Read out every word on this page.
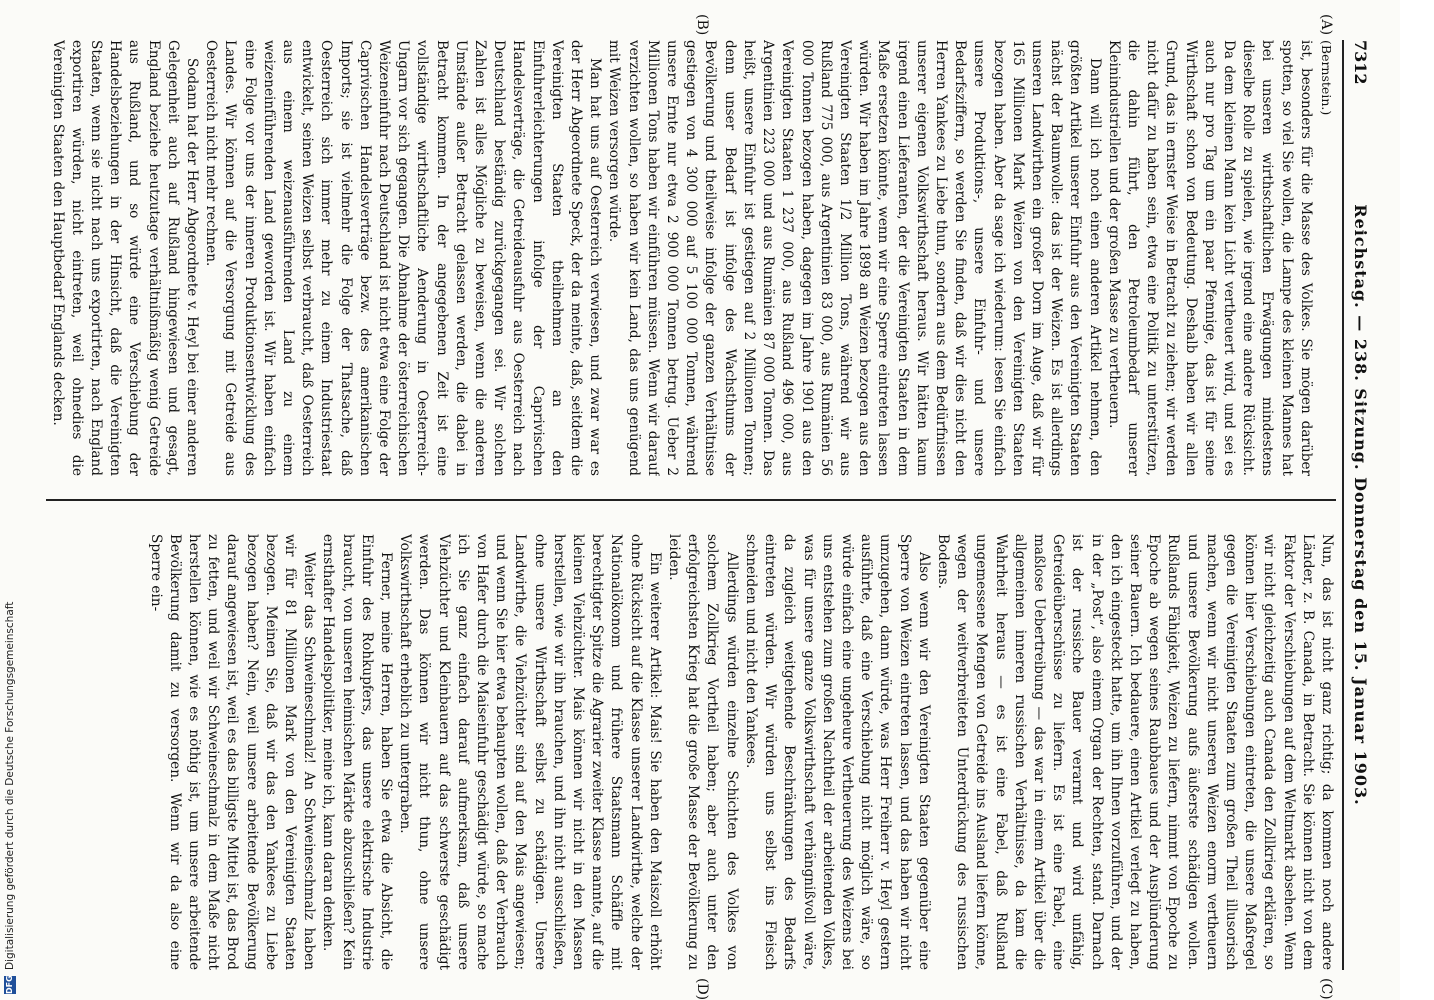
7312
Reichstag. — 238. Sitzung. Donnerstag den 15. Januar 1903.
(A)
(B)
(C)
(D)

(Bernstein.)

ist, besonders für die Masse des Volkes. Sie mögen darüber spotten, so viel Sie wollen, die Lampe des kleinen Mannes hat bei unseren wirthschaftlichen Erwägungen mindestens dieselbe Rolle zu spielen, wie irgend eine andere Rücksicht. Da dem kleinen Mann kein Licht vertheuert wird, und sei es auch nur pro Tag um ein paar Pfennige, das ist für seine Wirthschaft schon von Bedeutung. Deshalb haben wir allen Grund, das in ernster Weise in Betracht zu ziehen; wir werden nicht dafür zu haben sein, etwa eine Politik zu unterstützen, die dahin führt, den Petroleumbedarf unserer Kleinindustriellen und der großen Masse zu vertheuern.

Dann will ich noch einen anderen Artikel nehmen, den größten Artikel unserer Einfuhr aus den Vereinigten Staaten nächst der Baumwolle: das ist der Weizen. Es ist allerdings unseren Landwirthen ein großer Dorn im Auge, daß wir für 165 Millionen Mark Weizen von den Vereinigten Staaten bezogen haben. Aber da sage ich wiederum: lesen Sie einfach unsere Produktions-, unsere Einfuhr- und unsere Bedarfsziffern, so werden Sie finden, daß wir dies nicht den Herren Yankees zu Liebe thun, sondern aus dem Bedürfnissen unserer eigenen Volkswirthschaft heraus. Wir hätten kaum irgend einen Lieferanten, der die Vereinigten Staaten in dem Maße ersetzen könnte, wenn wir eine Sperre eintreten lassen würden. Wir haben im Jahre 1898 an Weizen bezogen aus den Vereinigten Staaten 1/2 Million Tons, während wir aus Rußland 775 000, aus Argentinien 83 000, aus Rumänien 56 000 Tonnen bezogen haben, dagegen im Jahre 1901 aus den Vereinigten Staaten 1 237 000, aus Rußland 496 000, aus Argentinien 223 000 und aus Rumänien 87 000 Tonnen. Das heißt, unsere Einfuhr ist gestiegen auf 2 Millionen Tonnen; denn unser Bedarf ist infolge des Wachsthums der Bevölkerung und theilweise infolge der ganzen Verhältnisse gestiegen von 4 300 000 auf 5 100 000 Tonnen, während unsere Ernte nur etwa 2 900 000 Tonnen betrug. Ueber 2 Millionen Tons haben wir einführen müssen. Wenn wir darauf verzichten wollen, so haben wir kein Land, das uns genügend mit Weizen versorgen würde.

Man hat uns auf Oesterreich verwiesen, und zwar war es der Herr Abgeordnete Speck, der da meinte, daß, seitdem die Vereinigten Staaten theilnehmen an den Einfuhrerleichterungen infolge der Caprivischen Handelsverträge, die Getreideausfuhr aus Oesterreich nach Deutschland beständig zurückgegangen sei. Wir solchen Zahlen ist alles Mögliche zu beweisen, wenn die anderen Umstände außer Betracht gelassen werden, die dabei in Betracht kommen. In der angegebenen Zeit ist eine vollständige wirthschaftliche Aenderung in Oesterreich-Ungarn vor sich gegangen. Die Abnahme der österreichischen Weizeneinfuhr nach Deutschland ist nicht etwa eine Folge der Caprivischen Handelsverträge bezw. des amerikanischen Imports; sie ist vielmehr die Folge der Thatsache, daß Oesterreich sich immer mehr zu einem Industriestaat entwickelt, seinen Weizen selbst verbraucht, daß Oesterreich aus einem weizenausführenden Land zu einem weizeneinführenden Land geworden ist. Wir haben einfach eine Folge vor uns der inneren Produktionsentwicklung des Landes. Wir können auf die Versorgung mit Getreide aus Oesterreich nicht mehr rechnen.

Sodann hat der Herr Abgeordnete v. Heyl bei einer anderen Gelegenheit auch auf Rußland hingewiesen und gesagt, England beziehe heutzutage verhältnißmäßig wenig Getreide aus Rußland, und so würde eine Verschiebung der Handelsbeziehungen in der Hinsicht, daß die Vereinigten Staaten, wenn sie nicht nach uns exportirten, nach England exportiren würden, nicht eintreten, weil ohnedies die Vereinigten Staaten den Hauptbedarf Englands decken.

Nun, das ist nicht ganz richtig; da kommen noch andere Länder, z. B. Canada, in Betracht. Sie können nicht von dem Faktor der Verschiebungen auf dem Weltmarkt absehen. Wenn wir nicht gleichzeitig auch Canada den Zollkrieg erklären, so können hier Verschiebungen eintreten, die unsere Maßregel gegen die Vereinigten Staaten zum großen Theil illusorisch machen, wenn wir nicht unseren Weizen enorm vertheuern und unsere Bevölkerung aufs äußerste schädigen wollen. Rußlands Fähigkeit, Weizen zu liefern, nimmt von Epoche zu Epoche ab wegen seines Raubbaues und der Ausplünderung seiner Bauern. Ich bedauere, einen Artikel verlegt zu haben, den ich eingesteckt hatte, um ihn Ihnen vorzuführen, und der in der „Post“, also einem Organ der Rechten, stand. Darnach ist der russische Bauer verarmt und wird unfähig, Getreideüberschüsse zu liefern. Es ist eine Fabel, eine maßlose Uebertreibung — das war in einem Artikel über die allgemeinen inneren russischen Verhältnisse, da kam die Wahrheit heraus — es ist eine Fabel, daß Rußland ungemessene Mengen von Getreide ins Ausland liefern könne, wegen der weitverbreiteten Unterdrückung des russischen Bodens.

Also wenn wir den Vereinigten Staaten gegenüber eine Sperre von Weizen eintreten lassen, und das haben wir nicht umzugehen, dann würde, was Herr Freiherr v. Heyl gestern ausführte, daß eine Verschiebung nicht möglich wäre, so würde einfach eine ungeheure Vertheuerung des Weizens bei uns entstehen zum großen Nachtheil der arbeitenden Volkes, was für unsere ganze Volkswirthschaft verhängnißvoll wäre, da zugleich weitgehende Beschränkungen des Bedarfs eintreten würden. Wir würden uns selbst ins Fleisch schneiden und nicht den Yankees.

Allerdings würden einzelne Schichten des Volkes von solchem Zollkrieg Vortheil haben; aber auch unter den erfolgreichsten Krieg hat die große Masse der Bevölkerung zu leiden.

Ein weiterer Artikel: Mais! Sie haben den Maiszoll erhöht ohne Rücksicht auf die Klasse unserer Landwirthe, welche der Nationalökonom und frühere Staatsmann Schäffle mit berechtigter Spitze die Agrarier zweiter Klasse nannte, auf die kleinen Viehzüchter. Mais können wir nicht in den Massen herstellen, wie wir ihn brauchen, und ihn nicht ausschließen, ohne unsere Wirthschaft selbst zu schädigen. Unsere Landwirthe, die Viehzüchter sind auf den Mais angewiesen; und wenn Sie hier etwa behaupten wollen, daß der Verbrauch von Hafer durch die Maiseinfuhr geschädigt würde, so mache ich Sie ganz einfach darauf aufmerksam, daß unsere Viehzüchter und Kleinbauern auf das schwerste geschädigt werden. Das können wir nicht thun, ohne unsere Volkswirthschaft erheblich zu untergraben.

Ferner, meine Herren, haben Sie etwa die Absicht, die Einfuhr des Rohkupfers, das unsere elektrische Industrie braucht, von unseren heimischen Märkte abzuschließen? Kein ernsthafter Handelspolitiker, meine ich, kann daran denken.

Weiter das Schweineschmalz! An Schweineschmalz haben wir für 81 Millionen Mark von den Vereinigten Staaten bezogen. Meinen Sie, daß wir das den Yankees zu Liebe bezogen haben? Nein, weil unsere arbeitende Bevölkerung darauf angewiesen ist, weil es das billigste Mittel ist, das Brod zu fetten, und weil wir Schweineschmalz in dem Maße nicht herstellen können, wie es nöthig ist, um unsere arbeitende Bevölkerung damit zu versorgen. Wenn wir da also eine Sperre ein-

DFG
Digitalisierung gefördert durch die Deutsche Forschungsgemeinschaft
